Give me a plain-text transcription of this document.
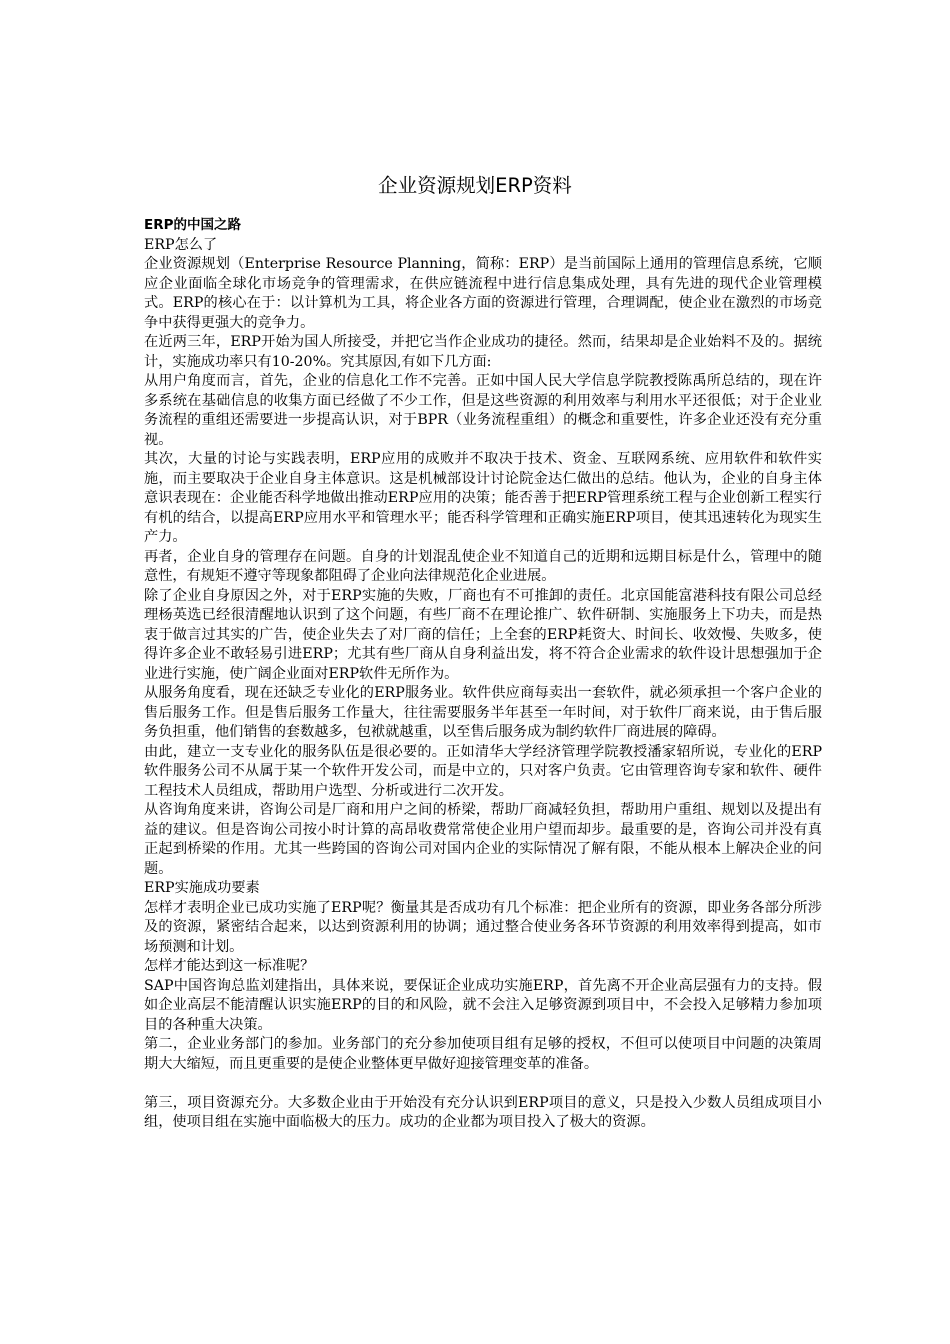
企业资源规划ERP资料

ERP的中国之路

ERP怎么了

企业资源规划（Enterprise Resource Planning，简称：ERP）是当前国际上通用的管理信息系统，它顺应企业面临全球化市场竞争的管理需求，在供应链流程中进行信息集成处理，具有先进的现代企业管理模式。ERP的核心在于：以计算机为工具，将企业各方面的资源进行管理，合理调配，使企业在激烈的市场竞争中获得更强大的竞争力。

在近两三年，ERP开始为国人所接受，并把它当作企业成功的捷径。然而，结果却是企业始料不及的。据统计，实施成功率只有10-20%。究其原因,有如下几方面:

从用户角度而言，首先，企业的信息化工作不完善。正如中国人民大学信息学院教授陈禹所总结的，现在许多系统在基础信息的收集方面已经做了不少工作，但是这些资源的利用效率与利用水平还很低；对于企业业务流程的重组还需要进一步提高认识，对于BPR（业务流程重组）的概念和重要性，许多企业还没有充分重视。

其次，大量的讨论与实践表明，ERP应用的成败并不取决于技术、资金、互联网系统、应用软件和软件实施，而主要取决于企业自身主体意识。这是机械部设计讨论院金达仁做出的总结。他认为，企业的自身主体意识表现在：企业能否科学地做出推动ERP应用的决策；能否善于把ERP管理系统工程与企业创新工程实行有机的结合，以提高ERP应用水平和管理水平；能否科学管理和正确实施ERP项目，使其迅速转化为现实生产力。

再者，企业自身的管理存在问题。自身的计划混乱使企业不知道自己的近期和远期目标是什么，管理中的随意性，有规矩不遵守等现象都阻碍了企业向法律规范化企业进展。

除了企业自身原因之外，对于ERP实施的失败，厂商也有不可推卸的责任。北京国能富港科技有限公司总经理杨英选已经很清醒地认识到了这个问题，有些厂商不在理论推广、软件研制、实施服务上下功夫，而是热衷于做言过其实的广告，使企业失去了对厂商的信任；上全套的ERP耗资大、时间长、收效慢、失败多，使得许多企业不敢轻易引进ERP；尤其有些厂商从自身利益出发，将不符合企业需求的软件设计思想强加于企业进行实施，使广阔企业面对ERP软件无所作为。

从服务角度看，现在还缺乏专业化的ERP服务业。软件供应商每卖出一套软件，就必须承担一个客户企业的售后服务工作。但是售后服务工作量大，往往需要服务半年甚至一年时间，对于软件厂商来说，由于售后服务负担重，他们销售的套数越多，包袱就越重，以至售后服务成为制约软件厂商进展的障碍。

由此，建立一支专业化的服务队伍是很必要的。正如清华大学经济管理学院教授潘家轺所说，专业化的ERP软件服务公司不从属于某一个软件开发公司，而是中立的，只对客户负责。它由管理咨询专家和软件、硬件工程技术人员组成，帮助用户选型、分析或进行二次开发。

从咨询角度来讲，咨询公司是厂商和用户之间的桥梁，帮助厂商减轻负担，帮助用户重组、规划以及提出有益的建议。但是咨询公司按小时计算的高昂收费常常使企业用户望而却步。最重要的是，咨询公司并没有真正起到桥梁的作用。尤其一些跨国的咨询公司对国内企业的实际情况了解有限，不能从根本上解决企业的问题。

ERP实施成功要素

怎样才表明企业已成功实施了ERP呢？衡量其是否成功有几个标准：把企业所有的资源，即业务各部分所涉及的资源，紧密结合起来，以达到资源利用的协调；通过整合使业务各环节资源的利用效率得到提高，如市场预测和计划。

怎样才能达到这一标准呢？

SAP中国咨询总监刘建指出，具体来说，要保证企业成功实施ERP，首先离不开企业高层强有力的支持。假如企业高层不能清醒认识实施ERP的目的和风险，就不会注入足够资源到项目中，不会投入足够精力参加项目的各种重大决策。

第二，企业业务部门的参加。业务部门的充分参加使项目组有足够的授权，不但可以使项目中问题的决策周期大大缩短，而且更重要的是使企业整体更早做好迎接管理变革的准备。

第三，项目资源充分。大多数企业由于开始没有充分认识到ERP项目的意义，只是投入少数人员组成项目小组，使项目组在实施中面临极大的压力。成功的企业都为项目投入了极大的资源。
